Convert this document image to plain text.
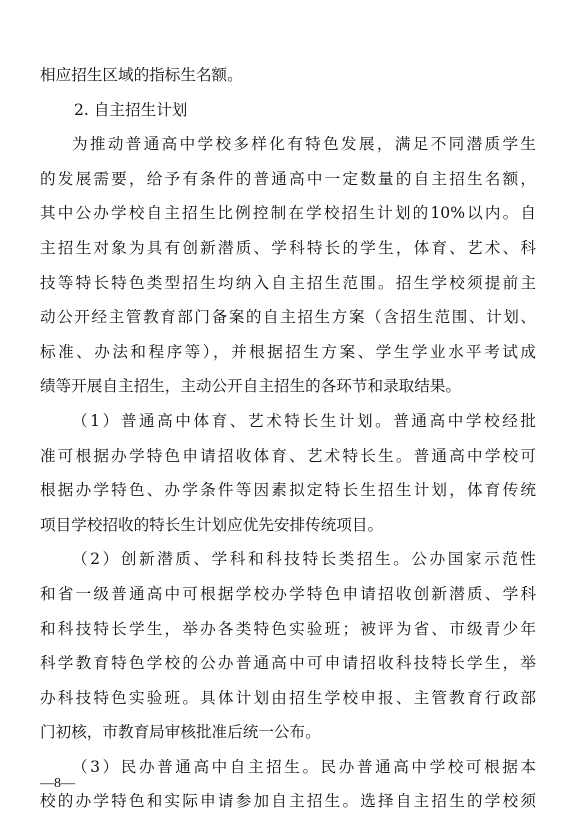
相应招生区域的指标生名额。
2. 自主招生计划
为推动普通高中学校多样化有特色发展，满足不同潜质学生
的发展需要，给予有条件的普通高中一定数量的自主招生名额，
其中公办学校自主招生比例控制在学校招生计划的10%以内。自
主招生对象为具有创新潜质、学科特长的学生，体育、艺术、科
技等特长特色类型招生均纳入自主招生范围。招生学校须提前主
动公开经主管教育部门备案的自主招生方案（含招生范围、计划、
标准、办法和程序等），并根据招生方案、学生学业水平考试成
绩等开展自主招生，主动公开自主招生的各环节和录取结果。
（1）普通高中体育、艺术特长生计划。普通高中学校经批
准可根据办学特色申请招收体育、艺术特长生。普通高中学校可
根据办学特色、办学条件等因素拟定特长生招生计划，体育传统
项目学校招收的特长生计划应优先安排传统项目。
（2）创新潜质、学科和科技特长类招生。公办国家示范性
和省一级普通高中可根据学校办学特色申请招收创新潜质、学科
和科技特长学生，举办各类特色实验班；被评为省、市级青少年
科学教育特色学校的公办普通高中可申请招收科技特长学生，举
办科技特色实验班。具体计划由招生学校申报、主管教育行政部
门初核，市教育局审核批准后统一公布。
（3）民办普通高中自主招生。民办普通高中学校可根据本
校的办学特色和实际申请参加自主招生。选择自主招生的学校须
—8—
